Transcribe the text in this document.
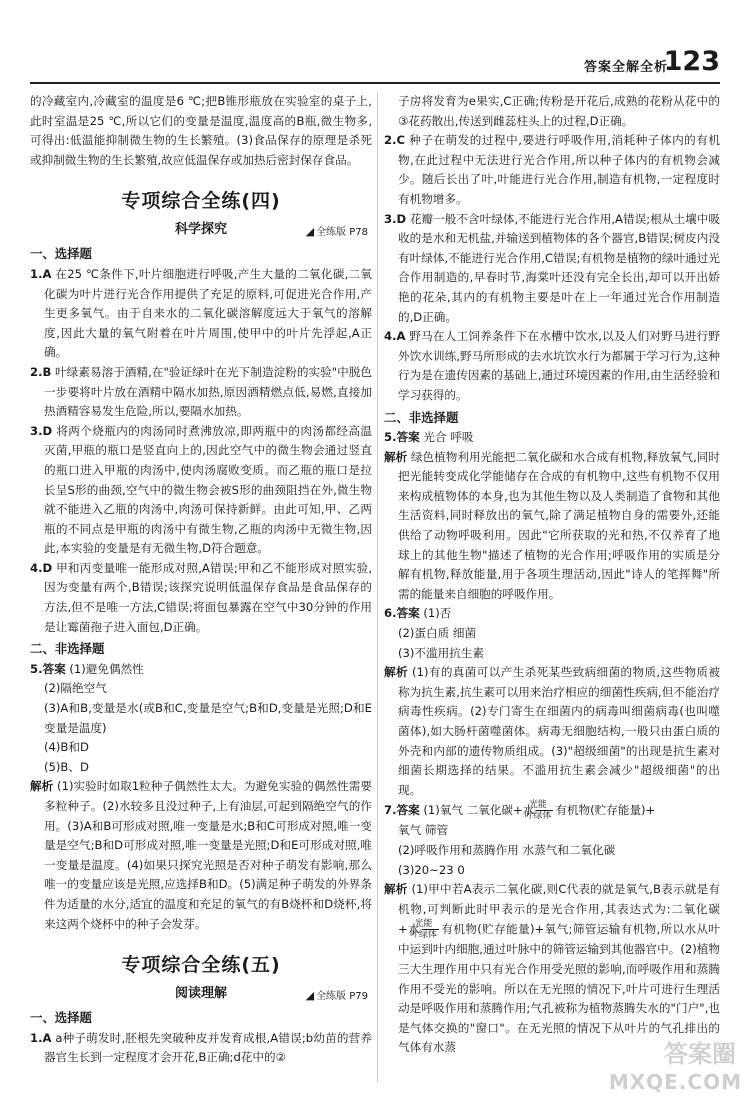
答案全解全析
123

的冷藏室内,冷藏室的温度是6 ℃;把B锥形瓶放在实验室的桌子上,此时室温是25 ℃,所以它们的变量是温度,温度高的B瓶,微生物多,可得出:低温能抑制微生物的生长繁殖。(3)食品保存的原理是杀死或抑制微生物的生长繁殖,故应低温保存或加热后密封保存食品。

专项综合全练(四)
科学探究	◢ 全练版 P78
一、选择题

1.A 在25 ℃条件下,叶片细胞进行呼吸,产生大量的二氧化碳,二氧化碳为叶片进行光合作用提供了充足的原料,可促进光合作用,产生更多氧气。由于自来水的二氧化碳溶解度远大于氧气的溶解度,因此大量的氧气附着在叶片周围,使甲中的叶片先浮起,A正确。

2.B 叶绿素易溶于酒精,在"验证绿叶在光下制造淀粉的实验"中脱色一步要将叶片放在酒精中隔水加热,原因酒精燃点低,易燃,直接加热酒精容易发生危险,所以,要隔水加热。

3.D 将两个烧瓶内的肉汤同时煮沸放凉,即两瓶中的肉汤都经高温灭菌,甲瓶的瓶口是竖直向上的,因此空气中的微生物会通过竖直的瓶口进入甲瓶的肉汤中,使肉汤腐败变质。而乙瓶的瓶口是拉长呈S形的曲颈,空气中的微生物会被S形的曲颈阻挡在外,微生物就不能进入乙瓶的肉汤中,肉汤可保持新鲜。由此可知,甲、乙两瓶的不同点是甲瓶的肉汤中有微生物,乙瓶的肉汤中无微生物,因此,本实验的变量是有无微生物,D符合题意。

4.D 甲和丙变量唯一能形成对照,A错误;甲和乙不能形成对照实验,因为变量有两个,B错误;该探究说明低温保存食品是食品保存的方法,但不是唯一方法,C错误;将面包暴露在空气中30分钟的作用是让霉菌孢子进入面包,D正确。

二、非选择题

5.答案 (1)避免偶然性

(2)隔绝空气

(3)A和B,变量是水(或B和C,变量是空气;B和D,变量是光照;D和E变量是温度)

(4)B和D

(5)B、D

解析 (1)实验时如取1粒种子偶然性太大。为避免实验的偶然性需要多粒种子。(2)水较多且没过种子,上有油层,可起到隔绝空气的作用。(3)A和B可形成对照,唯一变量是水;B和C可形成对照,唯一变量是空气;B和D可形成对照,唯一变量是光照;D和E可形成对照,唯一变量是温度。(4)如果只探究光照是否对种子萌发有影响,那么唯一的变量应该是光照,应选择B和D。(5)满足种子萌发的外界条件为适量的水分,适宜的温度和充足的氧气的有B烧杯和D烧杯,将来这两个烧杯中的种子会发芽。

专项综合全练(五)
阅读理解	◢ 全练版 P79
一、选择题

1.A a种子萌发时,胚根先突破种皮并发育成根,A错误;b幼苗的营养器官生长到一定程度才会开花,B正确;d花中的②

子房将发育为e果实,C正确;传粉是开花后,成熟的花粉从花中的③花药散出,传送到雌蕊柱头上的过程,D正确。

2.C 种子在萌发的过程中,要进行呼吸作用,消耗种子体内的有机物,在此过程中无法进行光合作用,所以种子体内的有机物会减少。随后长出了叶,叶能进行光合作用,制造有机物,一定程度时有机物增多。

3.D 花瓣一般不含叶绿体,不能进行光合作用,A错误;根从土壤中吸收的是水和无机盐,并输送到植物体的各个器官,B错误;树皮内没有叶绿体,不能进行光合作用,C错误;有机物是植物的绿叶通过光合作用制造的,早春时节,海棠叶还没有完全长出,却可以开出娇艳的花朵,其内的有机物主要是叶在上一年通过光合作用制造的,D正确。

4.A 野马在人工饲养条件下在水槽中饮水,以及人们对野马进行野外饮水训练,野马所形成的去水坑饮水行为都属于学习行为,这种行为是在遗传因素的基础上,通过环境因素的作用,由生活经验和学习获得的。

二、非选择题

5.答案 光合 呼吸

解析 绿色植物利用光能把二氧化碳和水合成有机物,释放氧气,同时把光能转变成化学能储存在合成的有机物中,这些有机物不仅用来构成植物体的本身,也为其他生物以及人类制造了食物和其他生活资料,同时释放出的氧气,除了满足植物自身的需要外,还能供给了动物呼吸利用。因此"它所获取的光和热,不仅养育了地球上的其他生物"描述了植物的光合作用;呼吸作用的实质是分解有机物,释放能量,用于各项生理活动,因此"诗人的笔挥舞"所需的能量来自细胞的呼吸作用。

6.答案 (1)否

(2)蛋白质 细菌

(3)不滥用抗生素

解析 (1)有的真菌可以产生杀死某些致病细菌的物质,这些物质被称为抗生素,抗生素可以用来治疗相应的细菌性疾病,但不能治疗病毒性疾病。(2)专门寄生在细菌内的病毒叫细菌病毒(也叫噬菌体),如大肠杆菌噬菌体。病毒无细胞结构,一般只由蛋白质的外壳和内部的遗传物质组成。(3)"超级细菌"的出现是抗生素对细菌长期选择的结果。不滥用抗生素会减少"超级细菌"的出现。

7.答案 (1)氧气 二氧化碳+水 $\frac{\text{光能}}{\text{叶绿体}}$ 有机物(贮存能量)+

氧气 筛管

(2)呼吸作用和蒸腾作用 水蒸气和二氧化碳

(3)20~23 0

解析 (1)甲中若A表示二氧化碳,则C代表的就是氧气,B表示就是有机物,可判断此时甲表示的是光合作用,其表达式为:二氧化碳+水 $\frac{\text{光能}}{\text{叶绿体}}$ 有机物(贮存能量)+氧气;筛管运输有机物,所以水从叶中运到叶内细胞,通过叶脉中的筛管运输到其他器官中。(2)植物三大生理作用中只有光合作用受光照的影响,而呼吸作用和蒸腾作用不受光的影响。所以在无光照的情况下,叶片可进行生理活动是呼吸作用和蒸腾作用;气孔被称为植物蒸腾失水的"门户",也是气体交换的"窗口"。在无光照的情况下从叶片的气孔排出的气体有水蒸	答案圈
MXQE.COM
